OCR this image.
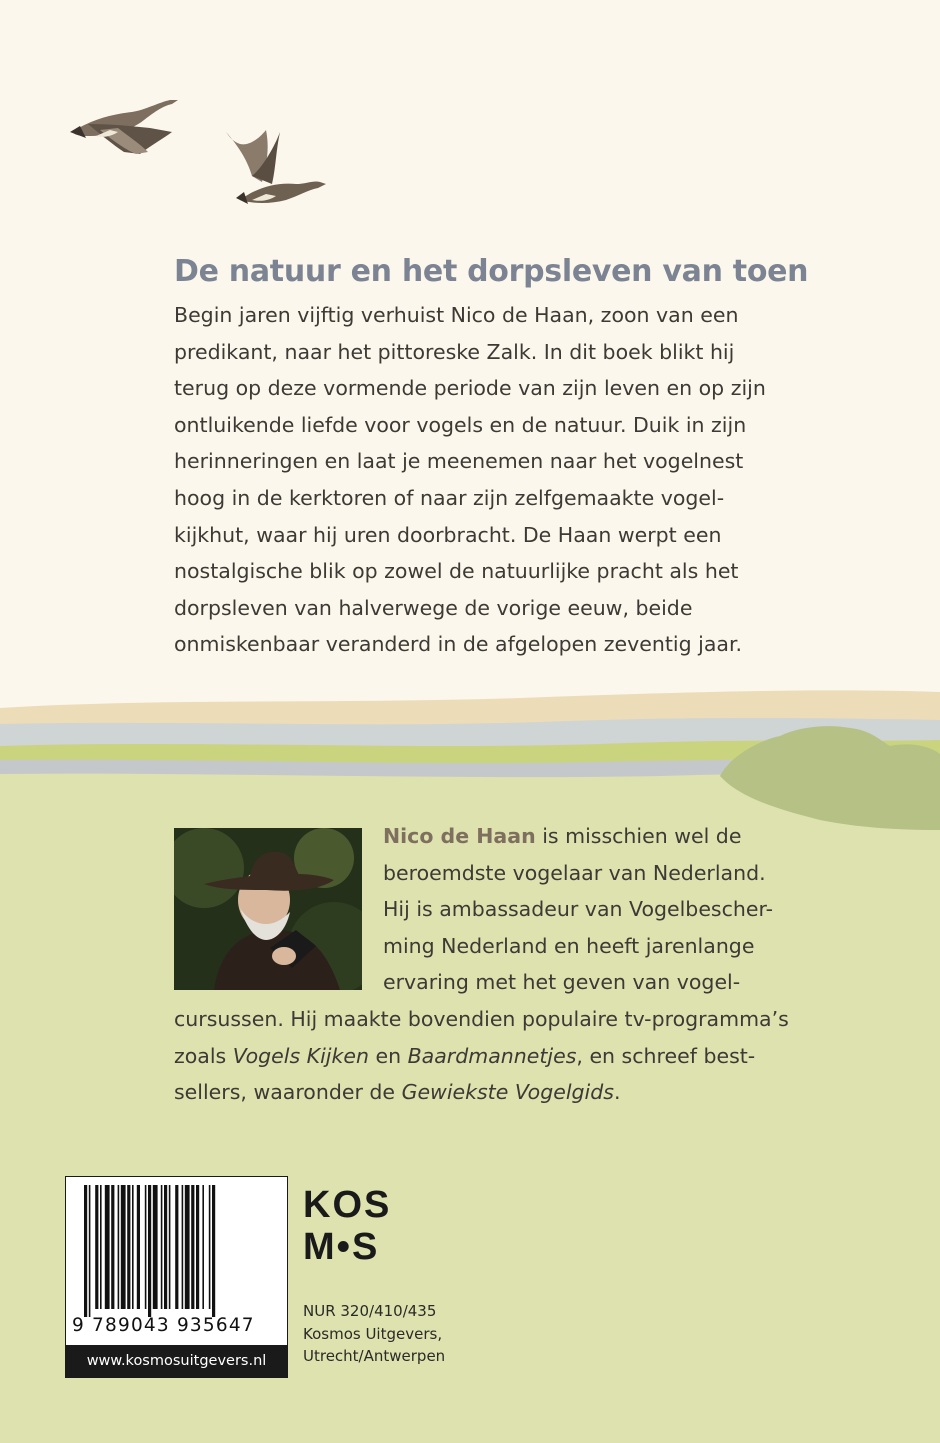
De natuur en het dorpsleven van toen
Begin jaren vijftig verhuist Nico de Haan, zoon van een
predikant, naar het pittoreske Zalk. In dit boek blikt hij
terug op deze vormende periode van zijn leven en op zijn
ontluikende liefde voor vogels en de natuur. Duik in zijn
herinneringen en laat je meenemen naar het vogelnest
hoog in de kerktoren of naar zijn zelfgemaakte vogel-
kijkhut, waar hij uren doorbracht. De Haan werpt een
nostalgische blik op zowel de natuurlijke pracht als het
dorpsleven van halverwege de vorige eeuw, beide
onmiskenbaar veranderd in de afgelopen zeventig jaar.
Nico de Haan is misschien wel de
beroemdste vogelaar van Nederland.
Hij is ambassadeur van Vogelbescher-
ming Nederland en heeft jarenlange
ervaring met het geven van vogel-
cursussen. Hij maakte bovendien populaire tv-programma’s
zoals Vogels Kijken en Baardmannetjes, en schreef best-
sellers, waaronder de Gewiekste Vogelgids.
9 789043 935647
www.kosmosuitgevers.nl
KOS
M•S
NUR 320/410/435
Kosmos Uitgevers,
Utrecht/Antwerpen
